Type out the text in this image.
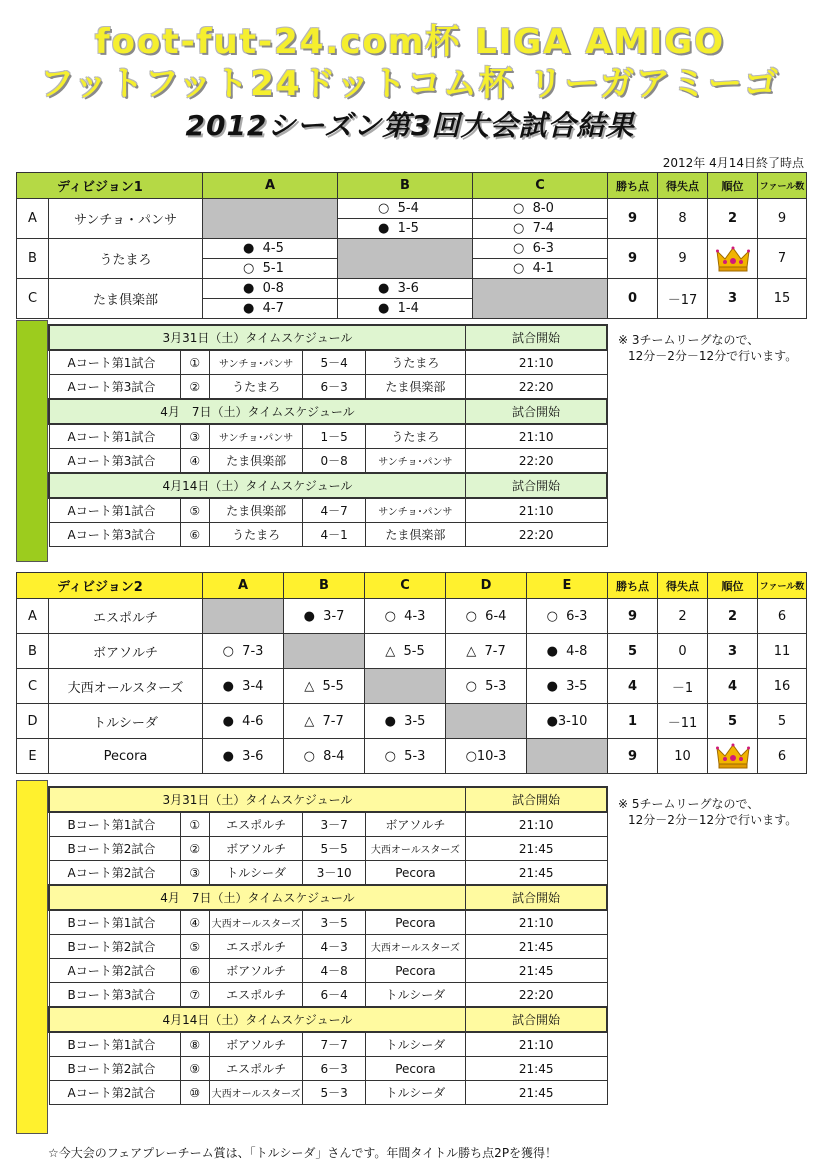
foot-fut-24.com杯 LIGA AMIGO
フットフット24ドットコム杯 リーガアミーゴ
2012シーズン第3回大会試合結果
2012年 4月14日終了時点
ディビジョン1		A	B	C	勝ち点	得失点	順位	ファール数
A	サンチョ・パンサ		○  5-4	○  8-0	9	8	2	9
			●  1-5	○  7-4				
B	うたまろ	●  4-5		○  6-3	9	9		7
		○  5-1		○  4-1				
C	たま倶楽部	●  0-8	●  3-6		0	－17	3	15
		●  4-7	●  1-4					
3月31日（土）タイムスケジュール					試合開始
Aコート第1試合	①	サンチョ･パンサ	5－4	うたまろ	21:10
Aコート第3試合	②	うたまろ	6－3	たま倶楽部	22:20
4月　7日（土）タイムスケジュール					試合開始
Aコート第1試合	③	サンチョ･パンサ	1－5	うたまろ	21:10
Aコート第3試合	④	たま倶楽部	0－8	サンチョ･パンサ	22:20
4月14日（土）タイムスケジュール					試合開始
Aコート第1試合	⑤	たま倶楽部	4－7	サンチョ･パンサ	21:10
Aコート第3試合	⑥	うたまろ	4－1	たま倶楽部	22:20
※ 3チームリーグなので、
12分－2分－12分で行います。
ディビジョン2		A	B	C	D	E	勝ち点	得失点	順位	ファール数
A	エスポルチ		●  3-7	○  4-3	○  6-4	○  6-3	9	2	2	6
B	ボアソルチ	○  7-3		△  5-5	△  7-7	●  4-8	5	0	3	11
C	大西オールスターズ	●  3-4	△  5-5		○  5-3	●  3-5	4	－1	4	16
D	トルシーダ	●  4-6	△  7-7	●  3-5		●3-10	1	－11	5	5
E	Pecora	●  3-6	○  8-4	○  5-3	○10-3		9	10		6
3月31日（土）タイムスケジュール					試合開始
Bコート第1試合	①	エスポルチ	3－7	ボアソルチ	21:10
Bコート第2試合	②	ボアソルチ	5－5	大西オールスターズ	21:45
Aコート第2試合	③	トルシーダ	3－10	Pecora	21:45
4月　7日（土）タイムスケジュール					試合開始
Bコート第1試合	④	大西オールスターズ	3－5	Pecora	21:10
Bコート第2試合	⑤	エスポルチ	4－3	大西オールスターズ	21:45
Aコート第2試合	⑥	ボアソルチ	4－8	Pecora	21:45
Bコート第3試合	⑦	エスポルチ	6－4	トルシーダ	22:20
4月14日（土）タイムスケジュール					試合開始
Bコート第1試合	⑧	ボアソルチ	7－7	トルシーダ	21:10
Bコート第2試合	⑨	エスポルチ	6－3	Pecora	21:45
Aコート第2試合	⑩	大西オールスターズ	5－3	トルシーダ	21:45
※ 5チームリーグなので、
12分－2分－12分で行います。
☆今大会のフェアプレーチーム賞は、「トルシーダ」さんです。年間タイトル勝ち点2Pを獲得！
